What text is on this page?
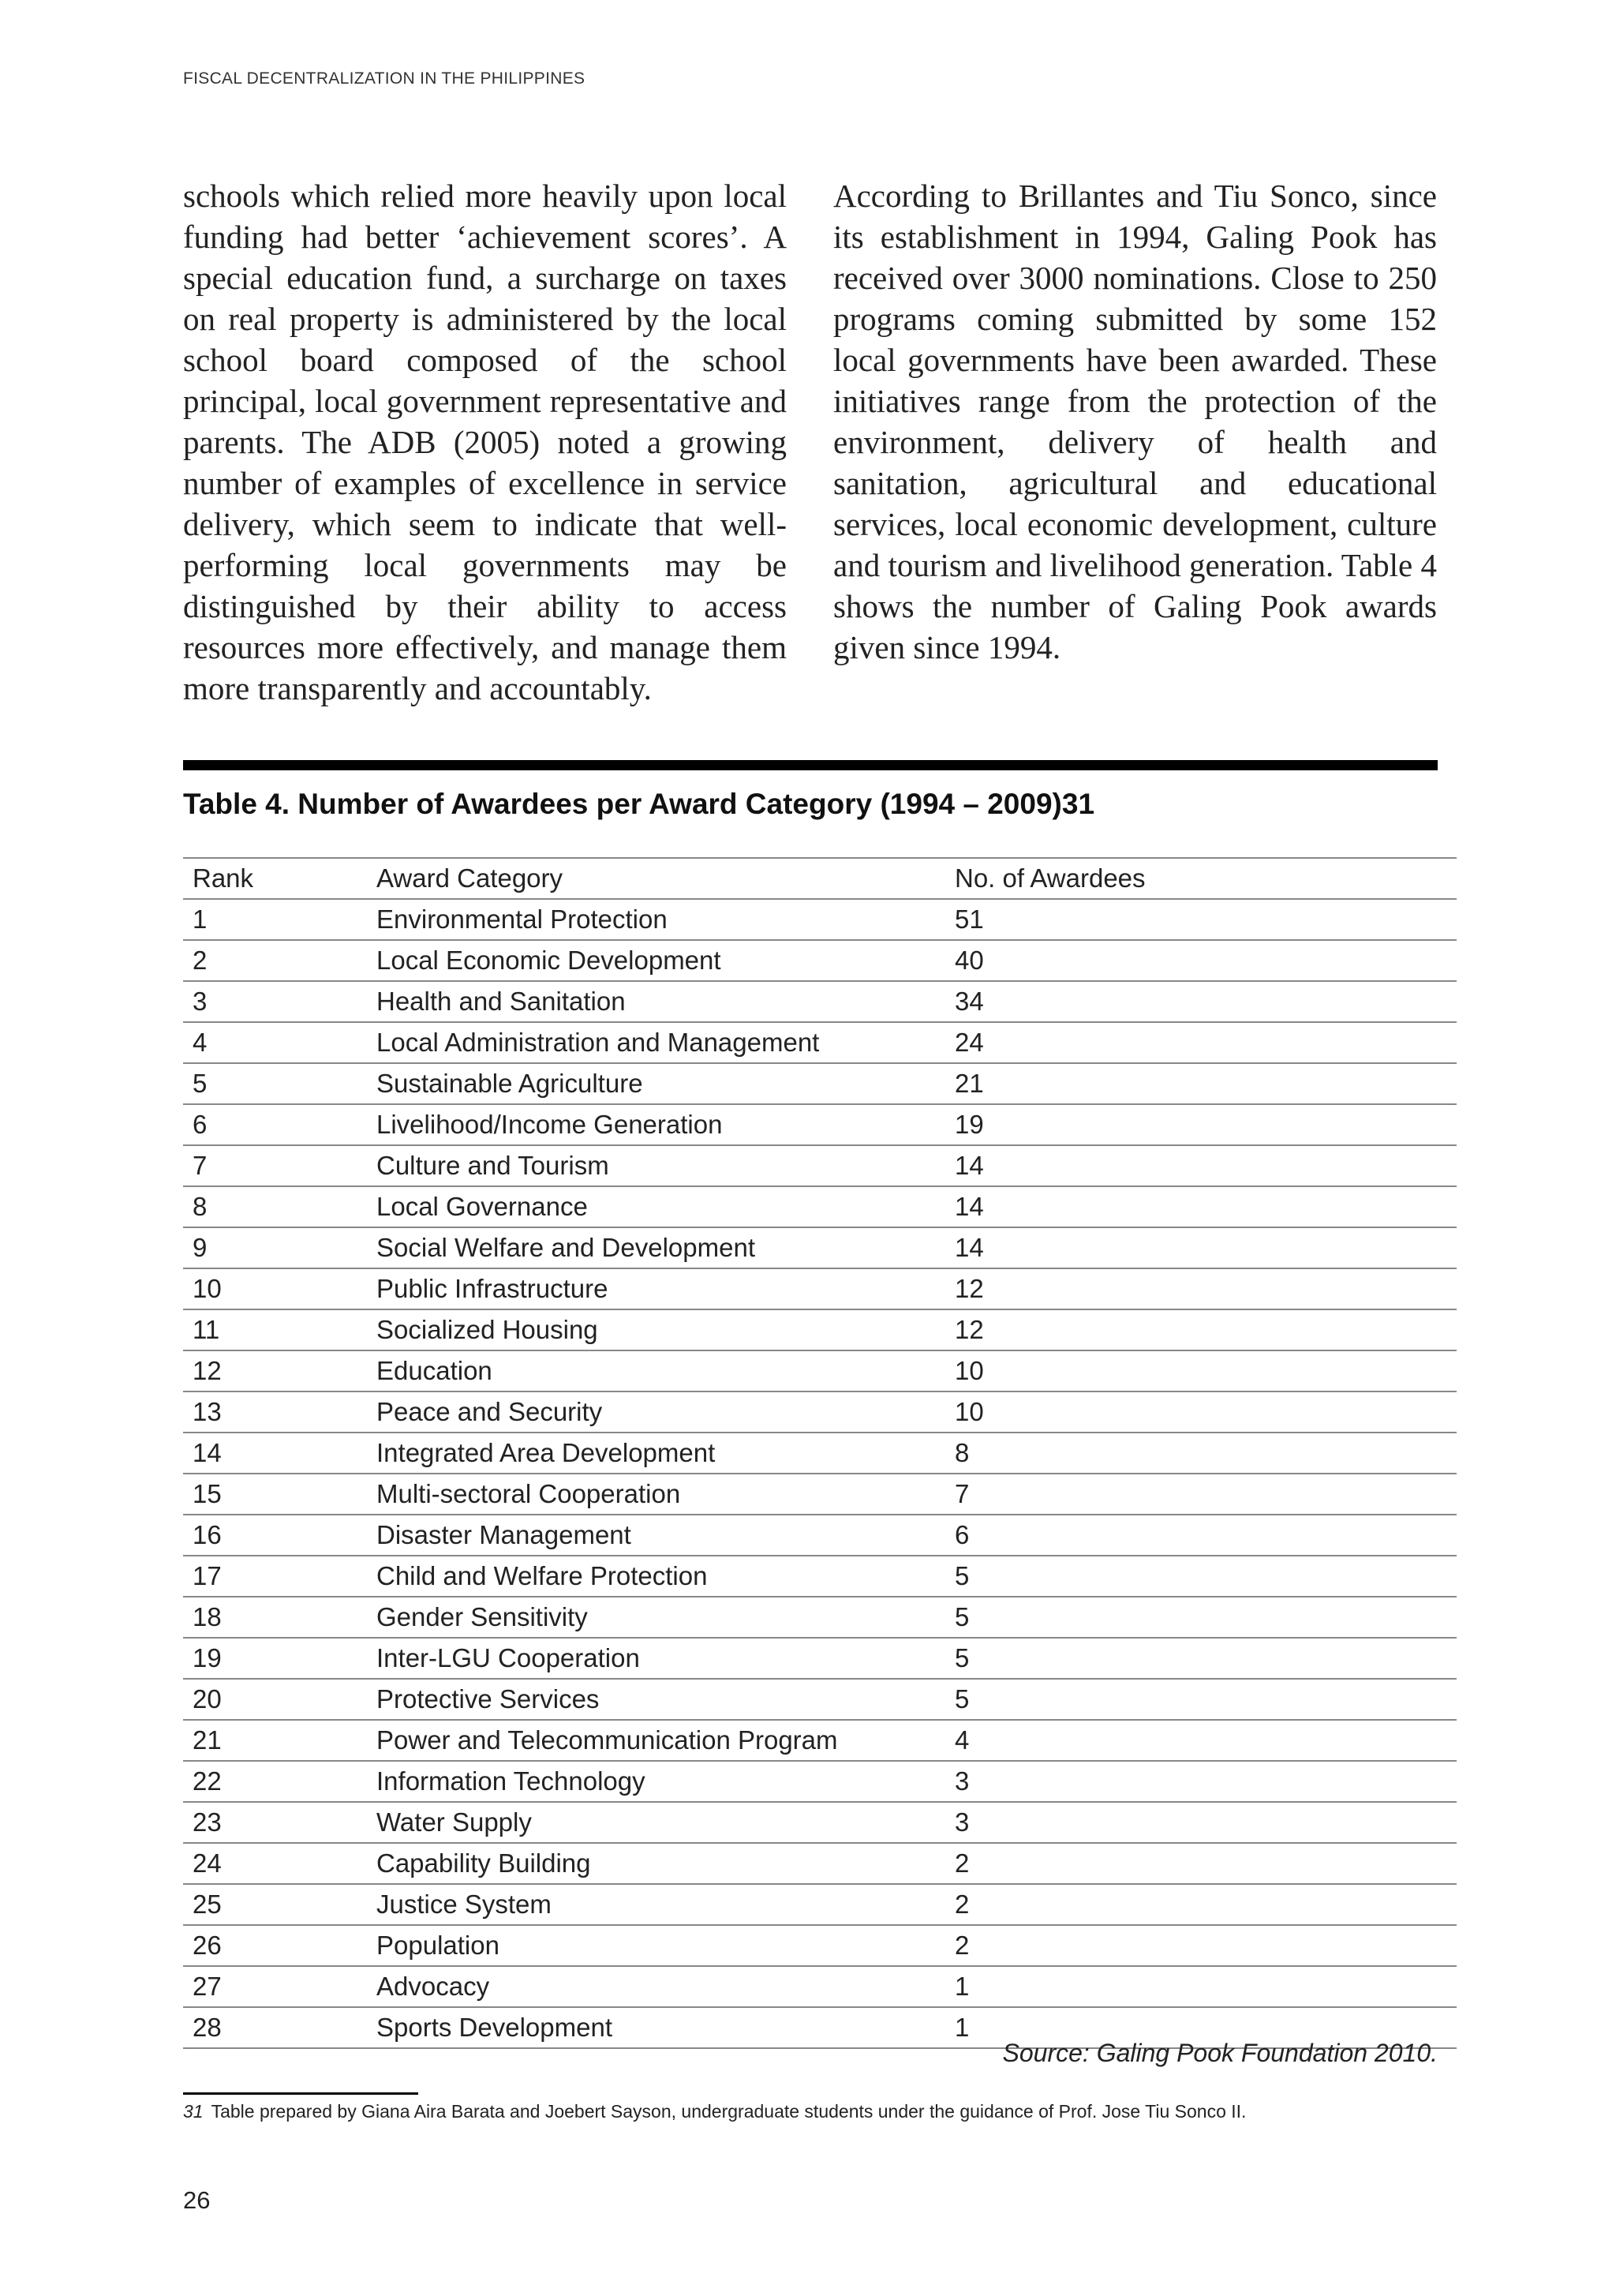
FISCAL DECENTRALIZATION IN THE PHILIPPINES

schools which relied more heavily upon local funding had better ‘achievement scores’. A special education fund, a surcharge on taxes on real property is administered by the local school board composed of the school principal, local government representative and parents. The ADB (2005) noted a growing number of examples of excellence in service delivery, which seem to indicate that well-performing local governments may be distinguished by their ability to access resources more effectively, and manage them more transparently and accountably.

According to Brillantes and Tiu Sonco, since its establishment in 1994, Galing Pook has received over 3000 nominations. Close to 250 programs coming submitted by some 152 local governments have been awarded. These initiatives range from the protection of the environment, delivery of health and sanitation, agricultural and educational services, local economic development, culture and tourism and livelihood generation. Table 4 shows the number of Galing Pook awards given since 1994.

Table 4. Number of Awardees per Award Category (1994 – 2009)31
Rank	Award Category	No. of Awardees
1	Environmental Protection	51
2	Local Economic Development	40
3	Health and Sanitation	34
4	Local Administration and Management	24
5	Sustainable Agriculture	21
6	Livelihood/Income Generation	19
7	Culture and Tourism	14
8	Local Governance	14
9	Social Welfare and Development	14
10	Public Infrastructure	12
11	Socialized Housing	12
12	Education	10
13	Peace and Security	10
14	Integrated Area Development	8
15	Multi-sectoral Cooperation	7
16	Disaster Management	6
17	Child and Welfare Protection	5
18	Gender Sensitivity	5
19	Inter-LGU Cooperation	5
20	Protective Services	5
21	Power and Telecommunication Program	4
22	Information Technology	3
23	Water Supply	3
24	Capability Building	2
25	Justice System	2
26	Population	2
27	Advocacy	1
28	Sports Development	1
Source: Galing Pook Foundation 2010.
31 Table prepared by Giana Aira Barata and Joebert Sayson, undergraduate students under the guidance of Prof. Jose Tiu Sonco II.
26
